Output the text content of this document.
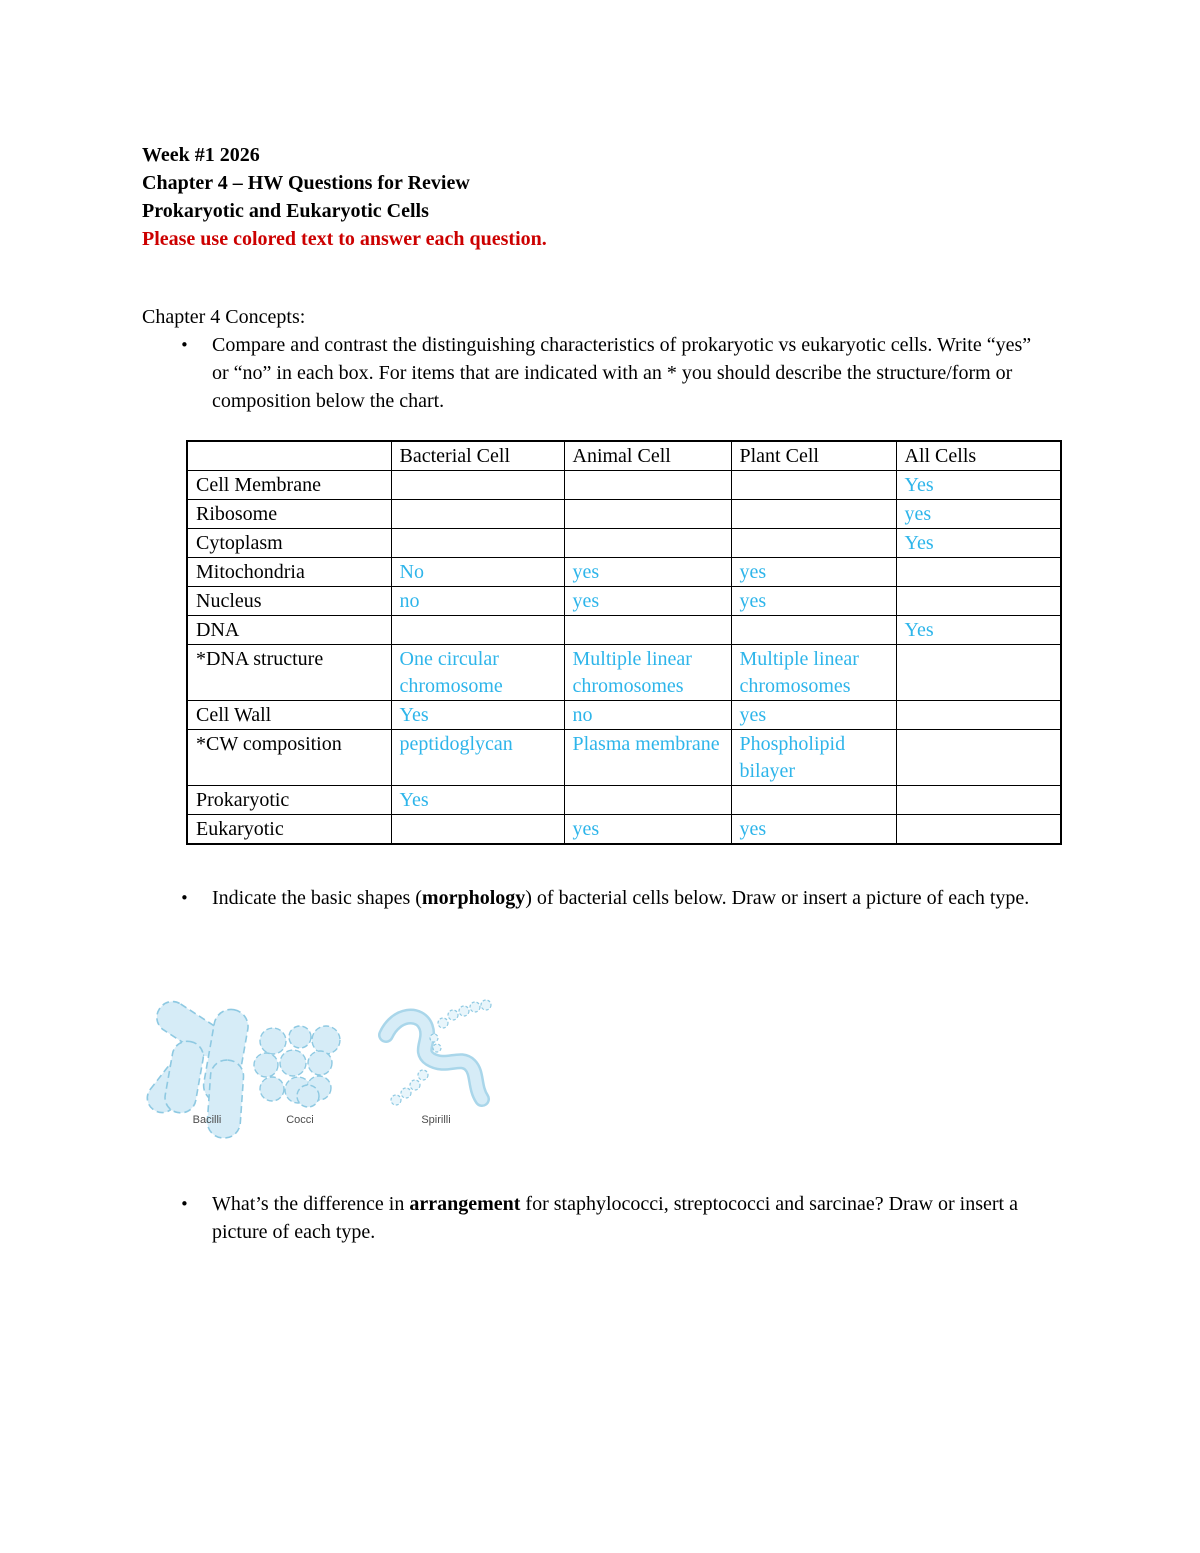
Week #1 2026
Chapter 4 – HW Questions for Review
Prokaryotic and Eukaryotic Cells
Please use colored text to answer each question.
Chapter 4 Concepts:
•	Compare and contrast the distinguishing characteristics of prokaryotic vs eukaryotic cells. Write “yes” or “no” in each box. For items that are indicated with an * you should describe the structure/form or composition below the chart.
	Bacterial Cell	Animal Cell	Plant Cell	All Cells
Cell Membrane				Yes
Ribosome				yes
Cytoplasm				Yes
Mitochondria	No	yes	yes	
Nucleus	no	yes	yes	
DNA				Yes
*DNA structure	One circular chromosome	Multiple linear chromosomes	Multiple linear chromosomes	
Cell Wall	Yes	no	yes	
*CW composition	peptidoglycan	Plasma membrane	Phospholipid bilayer	
Prokaryotic	Yes			
Eukaryotic		yes	yes	
•	Indicate the basic shapes (morphology) of bacterial cells below. Draw or insert a picture of each type.
Bacilli	Cocci	Spirilli
•	What’s the difference in arrangement for staphylococci, streptococci and sarcinae? Draw or insert a picture of each type.
